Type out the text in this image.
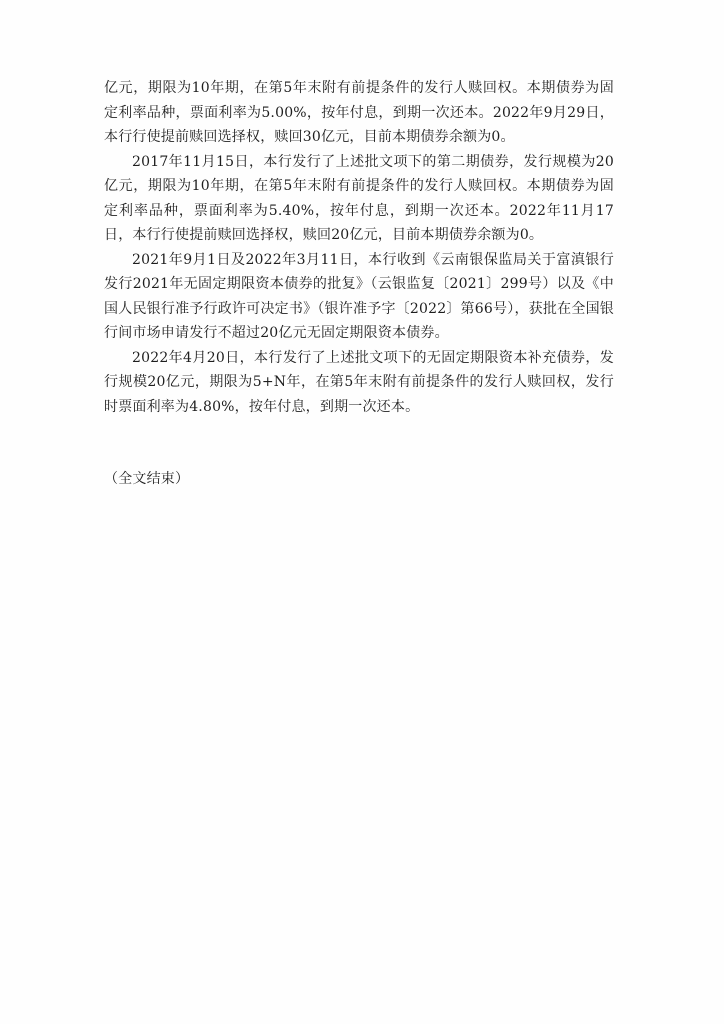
亿元，期限为10年期，在第5年末附有前提条件的发行人赎回权。本期债券为固定利率品种，票面利率为5.00%，按年付息，到期一次还本。2022年9月29日，本行行使提前赎回选择权，赎回30亿元，目前本期债券余额为0。

2017年11月15日，本行发行了上述批文项下的第二期债券，发行规模为20亿元，期限为10年期，在第5年末附有前提条件的发行人赎回权。本期债券为固定利率品种，票面利率为5.40%，按年付息，到期一次还本。2022年11月17日，本行行使提前赎回选择权，赎回20亿元，目前本期债券余额为0。

2021年9月1日及2022年3月11日，本行收到《云南银保监局关于富滇银行发行2021年无固定期限资本债券的批复》（云银监复〔2021〕299号）以及《中国人民银行准予行政许可决定书》（银许准予字〔2022〕第66号），获批在全国银行间市场申请发行不超过20亿元无固定期限资本债券。

2022年4月20日，本行发行了上述批文项下的无固定期限资本补充债券，发行规模20亿元，期限为5+N年，在第5年末附有前提条件的发行人赎回权，发行时票面利率为4.80%，按年付息，到期一次还本。

（全文结束）
